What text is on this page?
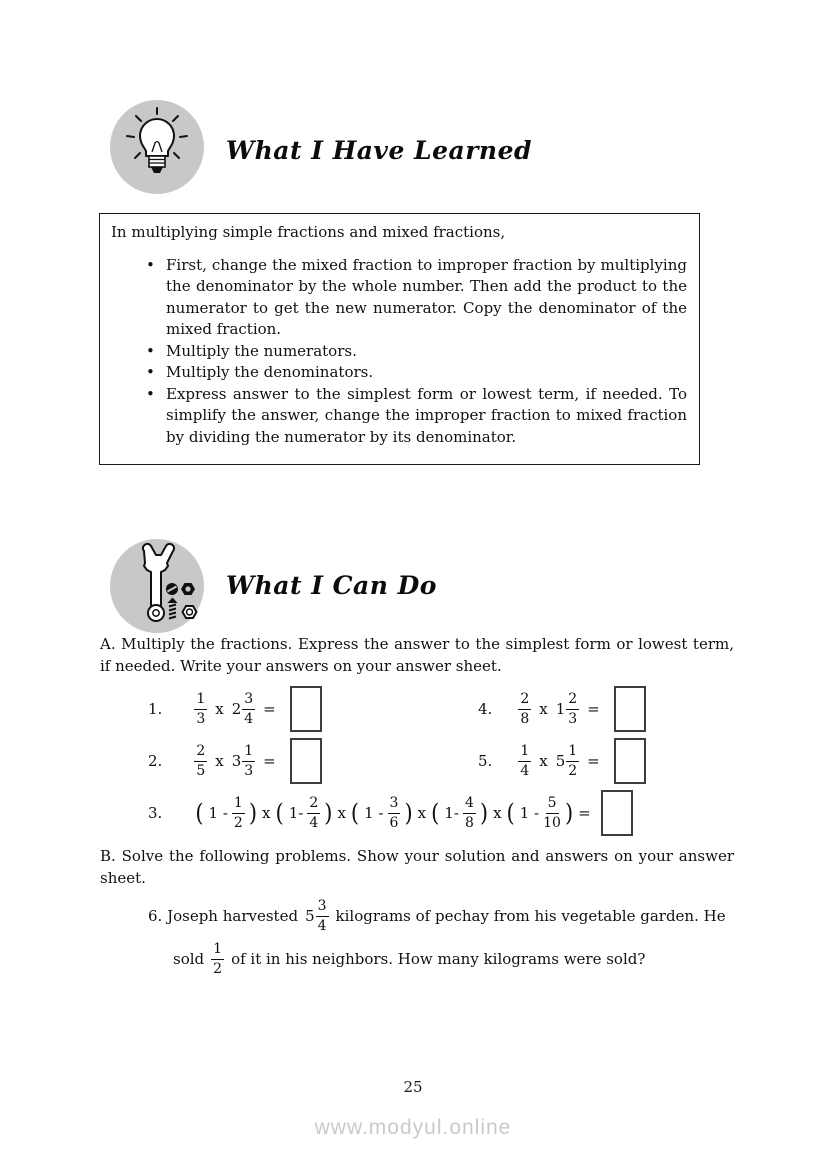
What I Have Learned

In multiplying simple fractions and mixed fractions,

• First, change the mixed fraction to improper fraction by multiplying the denominator by the whole number. Then add the product to the numerator to get the new numerator. Copy the denominator of the mixed fraction.
• Multiply the numerators.
• Multiply the denominators.
• Express answer to the simplest form or lowest term, if needed. To simplify the answer, change the improper fraction to mixed fraction by dividing the numerator by its denominator.
What I Can Do

A. Multiply the fractions. Express the answer to the simplest form or lowest term, if needed. Write your answers on your answer sheet.

1. $\frac{1}{3}$ x $2 \frac{3}{4}$ =	4. $\frac{2}{8}$ x $1 \frac{2}{3}$ =
2. $\frac{2}{5}$ x $3 \frac{1}{3}$ =	5. $\frac{1}{4}$ x $5 \frac{1}{2}$ =
3. ( $1 - \frac{1}{2}$ ) x ( $1- \frac{2}{4}$ ) x ( $1 - \frac{3}{6}$ ) x ( $1- \frac{4}{8}$ ) x ( $1 - \frac{5}{10}$ ) =

B. Solve the following problems. Show your solution and answers on your answer sheet.

6. Joseph harvested $5 \frac{3}{4}$ kilograms of pechay from his vegetable garden. He
sold $\frac{1}{2}$ of it in his neighbors. How many kilograms were sold?
25
www.modyul.online
